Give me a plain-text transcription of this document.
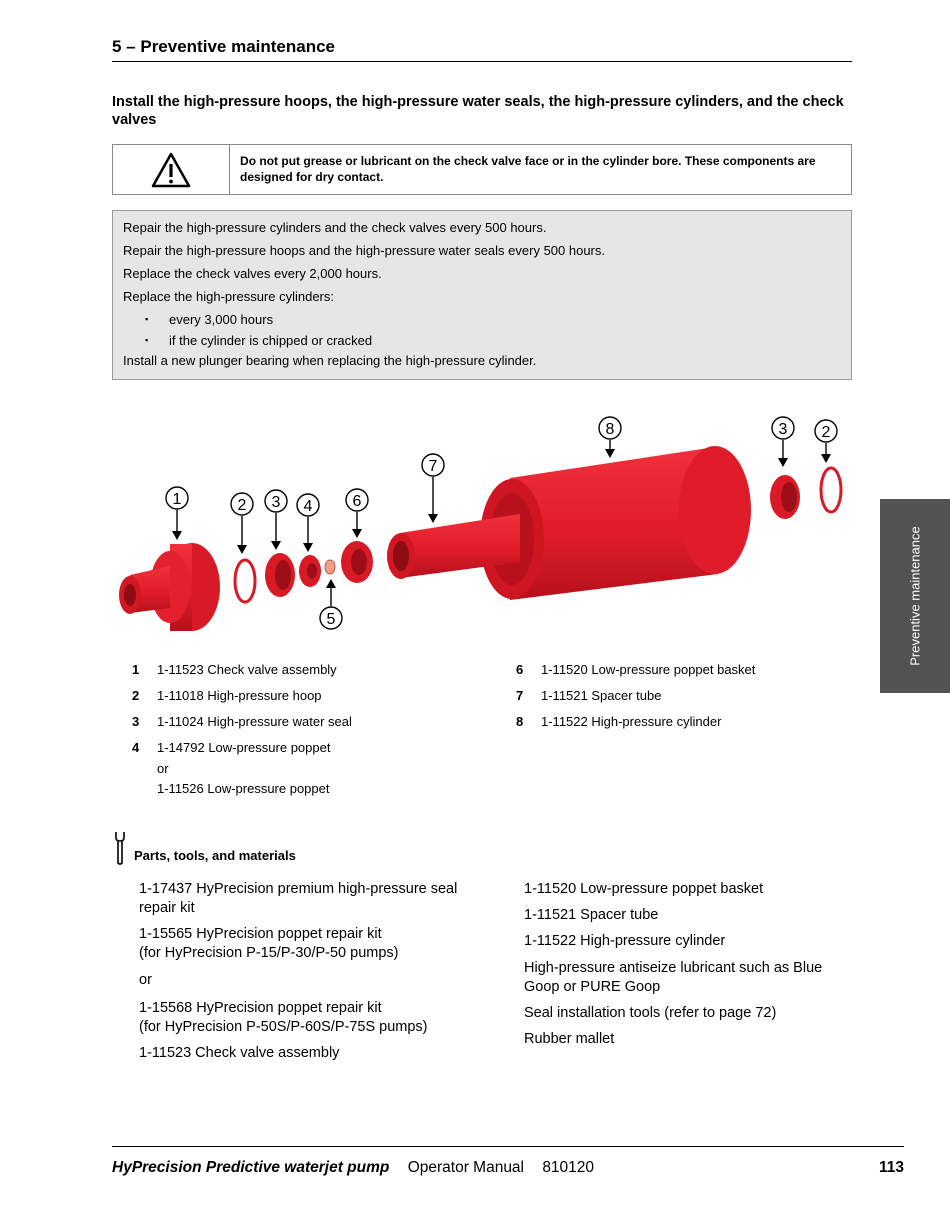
5 – Preventive maintenance
Install the high-pressure hoops, the high-pressure water seals, the high-pressure cylinders, and the check valves
Do not put grease or lubricant on the check valve face or in the cylinder bore. These components are designed for dry contact.
Repair the high-pressure cylinders and the check valves every 500 hours.
Repair the high-pressure hoops and the high-pressure water seals every 500 hours.
Replace the check valves every 2,000 hours.
Replace the high-pressure cylinders:
▪ every 3,000 hours
▪ if the cylinder is chipped or cracked
Install a new plunger bearing when replacing the high-pressure cylinder.
1	2 3 4
5
6
7
8	3 2
1 1-11523 Check valve assembly
2 1-11018 High-pressure hoop
3 1-11024 High-pressure water seal
4 1-14792 Low-pressure poppet
or
1-11526 Low-pressure poppet
6 1-11520 Low-pressure poppet basket
7 1-11521 Spacer tube
8 1-11522 High-pressure cylinder
Preventive maintenance
Parts, tools, and materials
1-17437 HyPrecision premium high-pressure seal
repair kit
1-15565 HyPrecision poppet repair kit
(for HyPrecision P-15/P-30/P-50 pumps)
or
1-15568 HyPrecision poppet repair kit
(for HyPrecision P-50S/P-60S/P-75S pumps)
1-11523 Check valve assembly
1-11520 Low-pressure poppet basket
1-11521 Spacer tube
1-11522 High-pressure cylinder
High-pressure antiseize lubricant such as Blue
Goop or PURE Goop
Seal installation tools (refer to page 72)
Rubber mallet
HyPrecision Predictive waterjet pump Operator Manual 810120	113
